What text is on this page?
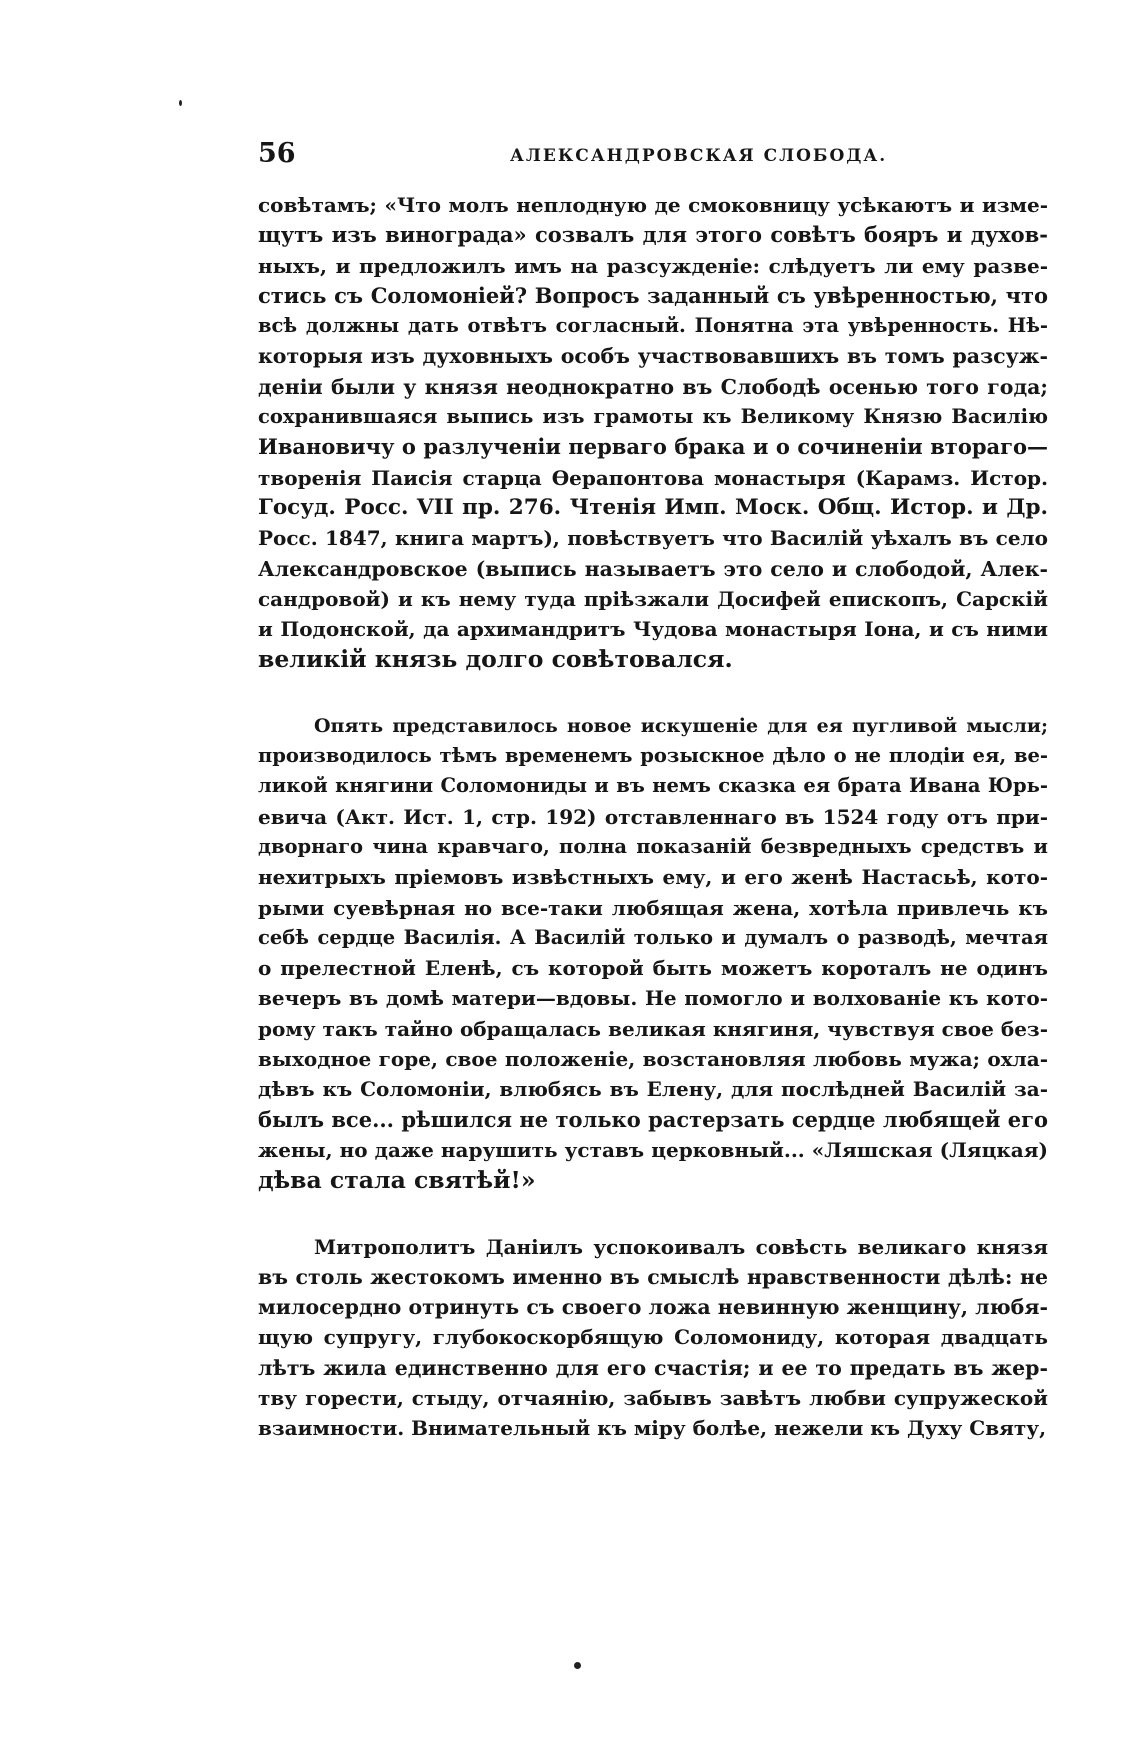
56	АЛЕКСАНДРОВСКАЯ СЛОБОДА.
совѣтамъ; «Что молъ неплодную де смоковницу усѣкаютъ и изме-
щутъ изъ винограда» созвалъ для этого совѣтъ бояръ и духов-
ныхъ, и предложилъ имъ на разсужденіе: слѣдуетъ ли ему разве-
стись съ Соломоніей? Вопросъ заданный съ увѣренностью, что
всѣ должны дать отвѣтъ согласный. Понятна эта увѣренность. Нѣ-
которыя изъ духовныхъ особъ участвовавшихъ въ томъ разсуж-
деніи были у князя неоднократно въ Слободѣ осенью того года;
сохранившаяся выпись изъ грамоты къ Великому Князю Василію
Ивановичу о разлученіи перваго брака и о сочиненіи втораго—
творенія Паисія старца Ѳерапонтова монастыря (Карамз. Истор.
Госуд. Росс. VII пр. 276. Чтенія Имп. Моск. Общ. Истор. и Др.
Росс. 1847, книга мартъ), повѣствуетъ что Василій уѣхалъ въ село
Александровское (выпись называетъ это село и слободой, Алек-
сандровой) и къ нему туда пріѣзжали Досифей епископъ, Сарскій
и Подонской, да архимандритъ Чудова монастыря Іона, и съ ними
великій князь долго совѣтовался.
Опять представилось новое искушеніе для ея пугливой мысли;
производилось тѣмъ временемъ розыскное дѣло о не плодіи ея, ве-
ликой княгини Соломониды и въ немъ сказка ея брата Ивана Юрь-
евича (Акт. Ист. 1, стр. 192) отставленнаго въ 1524 году отъ при-
дворнаго чина кравчаго, полна показаній безвредныхъ средствъ и
нехитрыхъ пріемовъ извѣстныхъ ему, и его женѣ Настасьѣ, кото-
рыми суевѣрная но все-таки любящая жена, хотѣла привлечь къ
себѣ сердце Василія. А Василій только и думалъ о разводѣ, мечтая
о прелестной Еленѣ, съ которой быть можетъ короталъ не одинъ
вечеръ въ домѣ матери—вдовы. Не помогло и волхованіе къ кото-
рому такъ тайно обращалась великая княгиня, чувствуя свое без-
выходное горе, свое положеніе, возстановляя любовь мужа; охла-
дѣвъ къ Соломоніи, влюбясь въ Елену, для послѣдней Василій за-
былъ все... рѣшился не только растерзать сердце любящей его
жены, но даже нарушить уставъ церковный... «Ляшская (Ляцкая)
дѣва стала святѣй!»
Митрополитъ Даніилъ успокоивалъ совѣсть великаго князя
въ столь жестокомъ именно въ смыслѣ нравственности дѣлѣ: не
милосердно отринуть съ своего ложа невинную женщину, любя-
щую супругу, глубокоскорбящую Соломониду, которая двадцать
лѣтъ жила единственно для его счастія; и ее то предать въ жер-
тву горести, стыду, отчаянію, забывъ завѣтъ любви супружеской
взаимности. Внимательный къ міру болѣе, нежели къ Духу Святу,
